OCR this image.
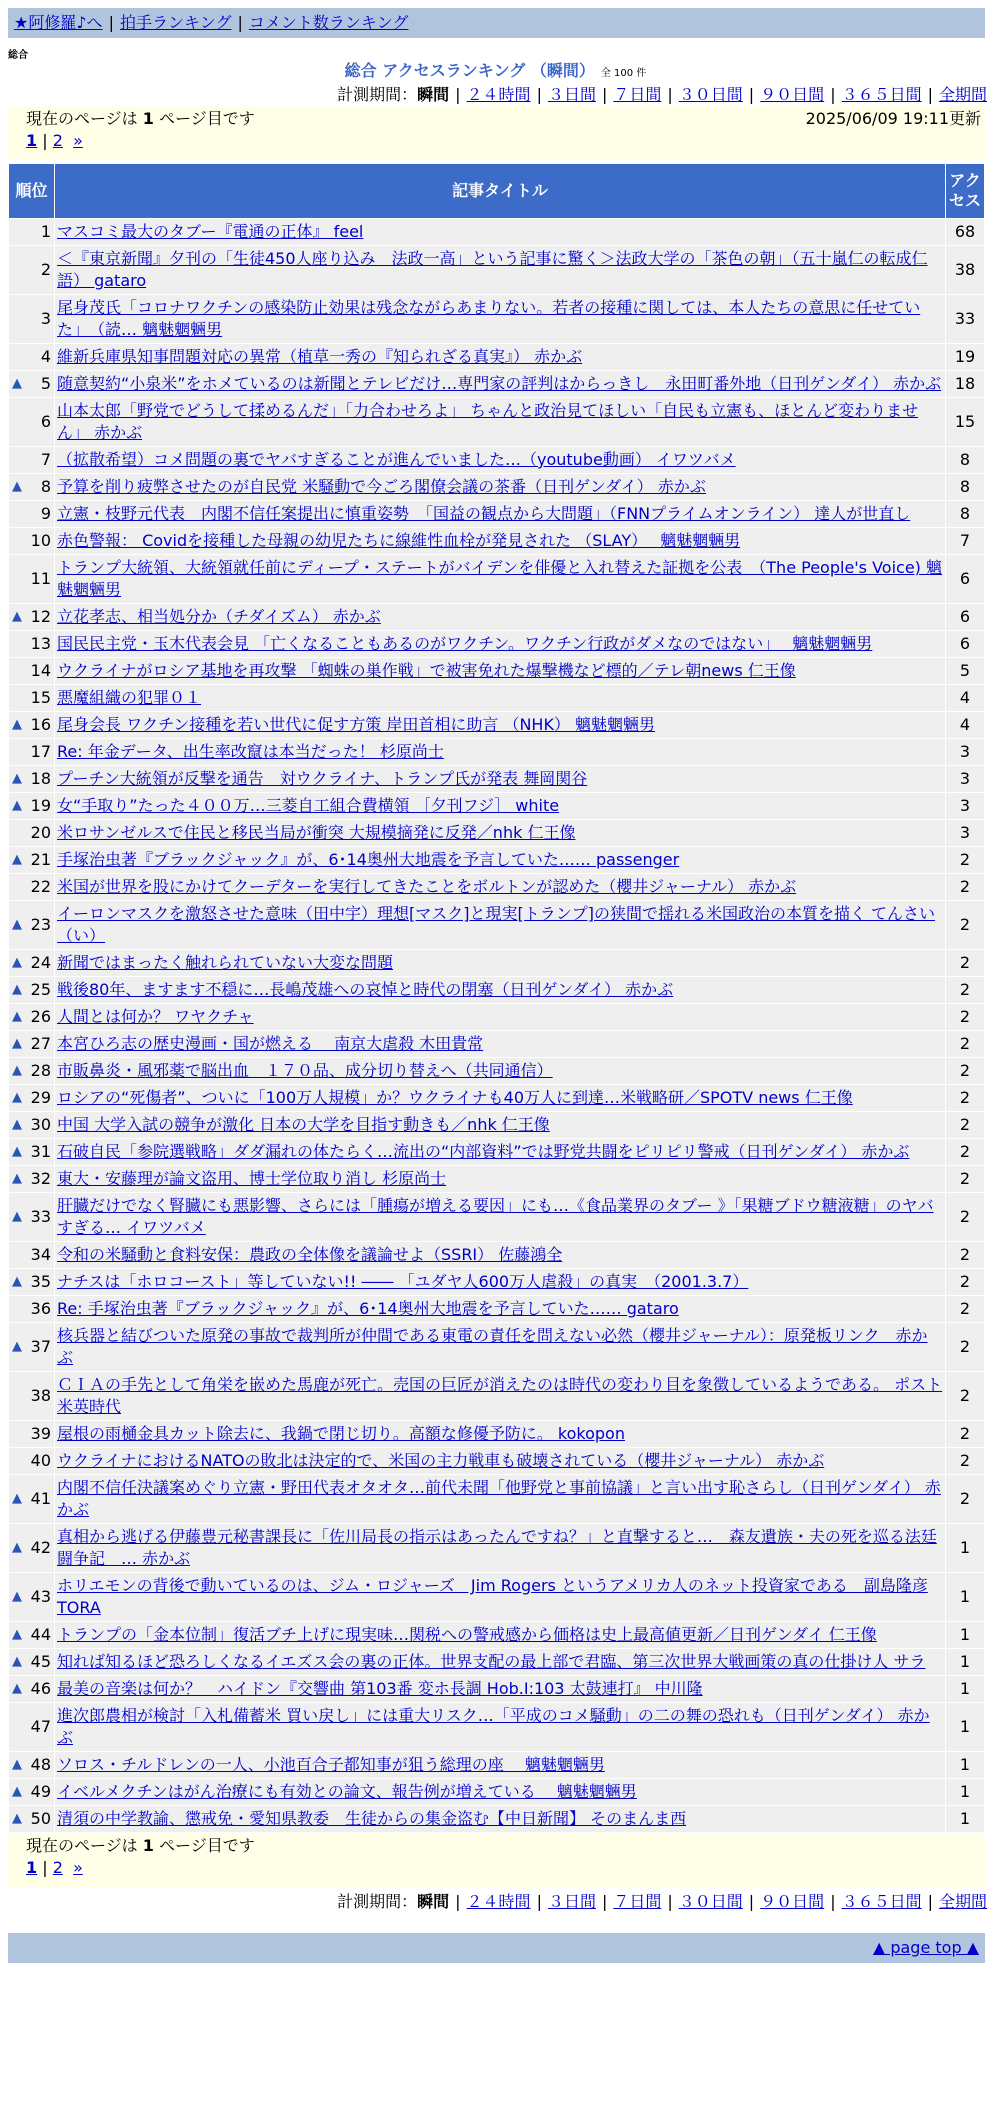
★阿修羅♪へ | 拍手ランキング | コメント数ランキング
総合
総合 アクセスランキング （瞬間） 全 100 件
計測期間：瞬間 | ２４時間 | ３日間 | ７日間 | ３０日間 | ９０日間 | ３６５日間 | 全期間
現在のページは 1 ページ目です	2025/06/09 19:11更新
1 | 2 »
順位	記事タイトル	アクセス
1	マスコミ最大のタブー『電通の正体』 feel	68
2	＜『東京新聞』夕刊の「生徒450人座り込み　法政一高」という記事に驚く＞法政大学の「茶色の朝」（五十嵐仁の転成仁語） gataro	38
3	尾身茂氏「コロナワクチンの感染防止効果は残念ながらあまりない。若者の接種に関しては、本人たちの意思に任せていた」　（読… 魑魅魍魎男	33
4	維新兵庫県知事問題対応の異常（植草一秀の『知られざる真実』） 赤かぶ	19

▲ 5	随意契約“小泉米”をホメているのは新聞とテレビだけ…専門家の評判はからっきし　永田町番外地（日刊ゲンダイ） 赤かぶ	18
6	山本太郎「野党でどうして揉めるんだ」「力合わせろよ」 ちゃんと政治見てほしい「自民も立憲も、ほとんど変わりません」 赤かぶ	15
7	（拡散希望）コメ問題の裏でヤバすぎることが進んでいました…（youtube動画） イワツバメ	8

▲ 8	予算を削り疲弊させたのが自民党 米騒動で今ごろ閣僚会議の茶番（日刊ゲンダイ） 赤かぶ	8
9	立憲・枝野元代表　内閣不信任案提出に慎重姿勢　「国益の観点から大問題」（FNNプライムオンライン） 達人が世直し	8
10	赤色警報： Covidを接種した母親の幼児たちに線維性血栓が発見された （SLAY）　 魑魅魍魎男	7
11	トランプ大統領、大統領就任前にディープ・ステートがバイデンを俳優と入れ替えた証拠を公表　（The People's Voice) 魑魅魍魎男	6

▲ 12	立花孝志、相当処分か（チダイズム） 赤かぶ	6
13	国民民主党・玉木代表会見 「亡くなることもあるのがワクチン。ワクチン行政がダメなのではない」　 魑魅魍魎男	6
14	ウクライナがロシア基地を再攻撃 「蜘蛛の巣作戦」で被害免れた爆撃機など標的／テレ朝news 仁王像	5
15	悪魔組織の犯罪０１	4

▲ 16	尾身会長 ワクチン接種を若い世代に促す方策 岸田首相に助言 （NHK） 魑魅魍魎男	4
17	Re: 年金データ、出生率改竄は本当だった！ 杉原尚士	3

▲ 18	プーチン大統領が反撃を通告　対ウクライナ、トランプ氏が発表 舞岡関谷	3

▲ 19	女“手取り”たった４００万…三菱自工組合費横領 ［夕刊フジ］ white	3
20	米ロサンゼルスで住民と移民当局が衝突 大規模摘発に反発／nhk 仁王像	3

▲ 21	手塚治虫著『ブラックジャック』が、6･14奥州大地震を予言していた…… passenger	2
22	米国が世界を股にかけてクーデターを実行してきたことをボルトンが認めた（櫻井ジャーナル） 赤かぶ	2

▲ 23	イーロンマスクを激怒させた意味（田中宇）理想[マスク]と現実[トランプ]の狭間で揺れる米国政治の本質を描く てんさい（い）	2

▲ 24	新聞ではまったく触れられていない大変な問題	2

▲ 25	戦後80年、ますます不穏に…長嶋茂雄への哀悼と時代の閉塞（日刊ゲンダイ） 赤かぶ	2

▲ 26	人間とは何か？ ワヤクチャ	2

▲ 27	本宮ひろ志の歴史漫画・国が燃える　 南京大虐殺 木田貴常	2

▲ 28	市販鼻炎・風邪薬で脳出血　１７０品、成分切り替えへ（共同通信）	2

▲ 29	ロシアの“死傷者”、ついに「100万人規模」か？ウクライナも40万人に到達…米戦略研／SPOTV news 仁王像	2

▲ 30	中国 大学入試の競争が激化 日本の大学を目指す動きも／nhk 仁王像	2

▲ 31	石破自民「参院選戦略」ダダ漏れの体たらく…流出の“内部資料”では野党共闘をピリピリ警戒（日刊ゲンダイ） 赤かぶ	2

▲ 32	東大・安藤理が論文盗用、博士学位取り消し 杉原尚士	2

▲ 33	肝臓だけでなく腎臓にも悪影響、さらには「腫瘍が増える要因」にも…《食品業界のタブー 》「果糖ブドウ糖液糖」のヤバすぎる… イワツバメ	2
34	令和の米騒動と食料安保：農政の全体像を議論せよ（SSRI） 佐藤鴻全	2

▲ 35	ナチスは「ホロコースト」等していない!! ―― 「ユダヤ人600万人虐殺」の真実　（2001.3.7）	2
36	Re: 手塚治虫著『ブラックジャック』が、6･14奥州大地震を予言していた…… gataro	2

▲ 37	核兵器と結びついた原発の事故で裁判所が仲間である東電の責任を問えない必然（櫻井ジャーナル）：原発板リンク　赤かぶ	2
38	ＣＩＡの手先として角栄を嵌めた馬鹿が死亡。売国の巨匠が消えたのは時代の変わり目を象徴しているようである。 ポスト米英時代	2
39	屋根の雨樋金具カット除去に、我鍋で閉じ切り。高額な修優予防に。 kokopon	2
40	ウクライナにおけるNATOの敗北は決定的で、米国の主力戦車も破壊されている（櫻井ジャーナル） 赤かぶ	2

▲ 41	内閣不信任決議案めぐり立憲・野田代表オタオタ…前代未聞「他野党と事前協議」と言い出す恥さらし（日刊ゲンダイ） 赤かぶ	2

▲ 42	真相から逃げる伊藤豊元秘書課長に「佐川局長の指示はあったんですね？」と直撃すると…　森友遺族・夫の死を巡る法廷闘争記　… 赤かぶ	1

▲ 43	ホリエモンの背後で動いているのは、ジム・ロジャーズ　Jim Rogers というアメリカ人のネット投資家である　副島隆彦 TORA	1

▲ 44	トランプの「金本位制」復活ブチ上げに現実味…関税への警戒感から価格は史上最高値更新／日刊ゲンダイ 仁王像	1

▲ 45	知れば知るほど恐ろしくなるイエズス会の裏の正体。世界支配の最上部で君臨、第三次世界大戦画策の真の仕掛け人 サラ	1

▲ 46	最美の音楽は何か？　ハイドン『交響曲 第103番 変ホ長調 Hob.I:103 太鼓連打』 中川隆	1
47	進次郎農相が検討「入札備蓄米 買い戻し」には重大リスク…「平成のコメ騒動」の二の舞の恐れも（日刊ゲンダイ） 赤かぶ	1

▲ 48	ソロス・チルドレンの一人、小池百合子都知事が狙う総理の座　 魑魅魍魎男	1

▲ 49	イベルメクチンはがん治療にも有効との論文、報告例が増えている　 魑魅魍魎男	1

▲ 50	清須の中学教諭、懲戒免・愛知県教委　生徒からの集金盗む【中日新聞】 そのまんま西	1
現在のページは 1 ページ目です
1 | 2 »
計測期間：瞬間 | ２４時間 | ３日間 | ７日間 | ３０日間 | ９０日間 | ３６５日間 | 全期間
▲ page top ▲
